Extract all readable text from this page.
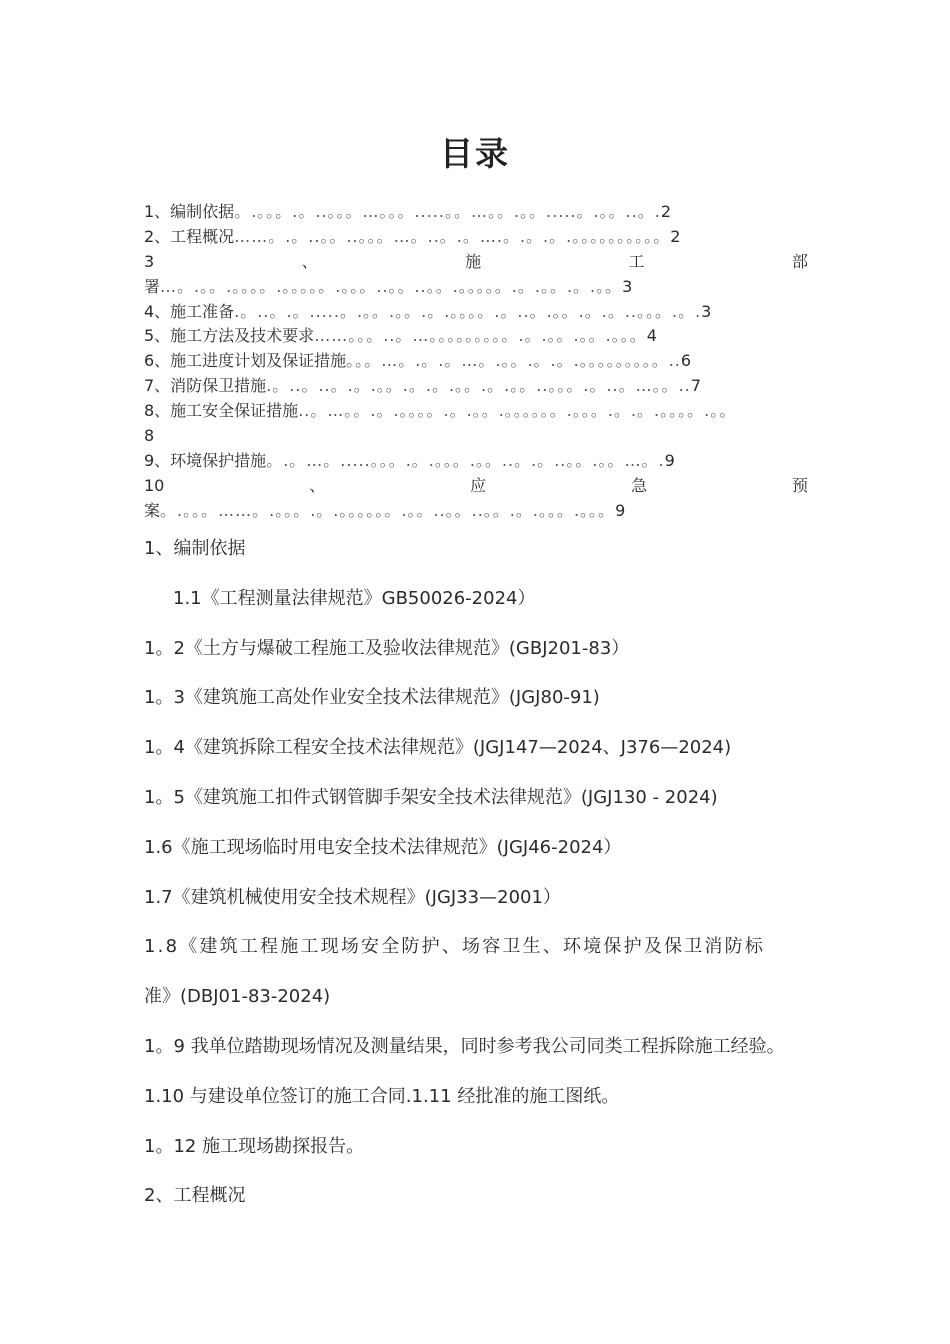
目录
1、编制依据。.。。。.。..。。。…。。。.....。。…。。.。。.....。.。。..。.2
2、工程概况……。.。..。。..。。。…。..。.。….。.。.。.。。。。。。。。。。2
3	、	施	工	部
署…。.。。.。。。。.。。。。。.。。。..。。..。。.。。。。。.。.。。.。.。。3
4、施工准备.。..。.。.....。.。。.。。.。.。。。。.。..。.。。.。.。..。。。.。.3
5、施工方法及技术要求……。。。..。…。。。。。。。。。.。.。。.。。.。。。4
6、施工进度计划及保证措施。。。…。.。.。…。.。。.。.。.。。。。。。。。。..6
7、消防保卫措施.。..。..。.。.。。.。.。.。。.。.。。..。。。.。..。…。。..7
8、施工安全保证措施..。…。。.。.。。。。.。.。。.。。。。。。.。。。.。.。.。。。。.。。
8
9、环境保护措施。.。…。.....。。。.。.。。。.。。..。.。..。。.。。…。.9
10	、	应	急	预
案。.。。。……。.。。。.。.。。。。。。.。。..。。..。。.。.。。。.。。。9
1、编制依据
1.1《工程测量法律规范》GB50026-2024）
1。2《土方与爆破工程施工及验收法律规范》(GBJ201-83）
1。3《建筑施工高处作业安全技术法律规范》(JGJ80-91)
1。4《建筑拆除工程安全技术法律规范》(JGJ147—2024、J376—2024)
1。5《建筑施工扣件式钢管脚手架安全技术法律规范》(JGJ130 - 2024)
1.6《施工现场临时用电安全技术法律规范》(JGJ46-2024）
1.7《建筑机械使用安全技术规程》(JGJ33—2001）
1.8《建筑工程施工现场安全防护、场容卫生、环境保护及保卫消防标
准》(DBJ01-83-2024)
1。9 我单位踏勘现场情况及测量结果，同时参考我公司同类工程拆除施工经验。
1.10 与建设单位签订的施工合同.1.11 经批准的施工图纸。
1。12 施工现场勘探报告。
2、工程概况
